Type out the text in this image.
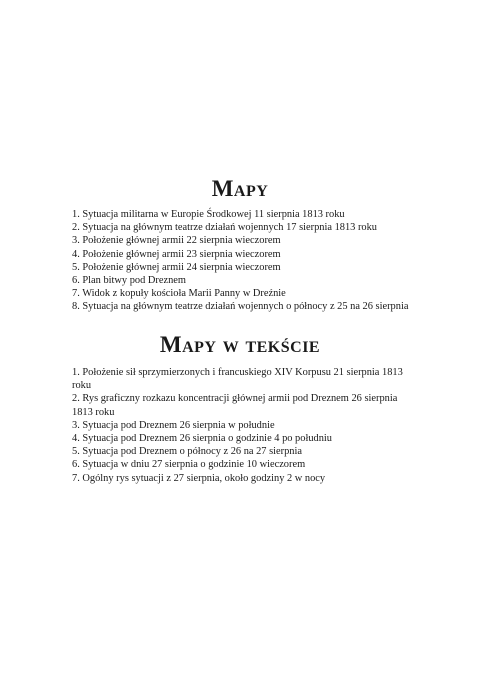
Mapy
1. Sytuacja militarna w Europie Środkowej 11 sierpnia 1813 roku
2. Sytuacja na głównym teatrze działań wojennych 17 sierpnia 1813 roku
3. Położenie głównej armii 22 sierpnia wieczorem
4. Położenie głównej armii 23 sierpnia wieczorem
5. Położenie głównej armii 24 sierpnia wieczorem
6. Plan bitwy pod Dreznem
7. Widok z kopuły kościoła Marii Panny w Dreźnie
8. Sytuacja na głównym teatrze działań wojennych o północy z 25 na 26 sierpnia
Mapy w tekście
1. Położenie sił sprzymierzonych i francuskiego XIV Korpusu 21 sierpnia 1813 roku
2. Rys graficzny rozkazu koncentracji głównej armii pod Dreznem 26 sierpnia 1813 roku
3. Sytuacja pod Dreznem 26 sierpnia w południe
4. Sytuacja pod Dreznem 26 sierpnia o godzinie 4 po południu
5. Sytuacja pod Dreznem o północy z 26 na 27 sierpnia
6. Sytuacja w dniu 27 sierpnia o godzinie 10 wieczorem
7. Ogólny rys sytuacji z 27 sierpnia, około godziny 2 w nocy
